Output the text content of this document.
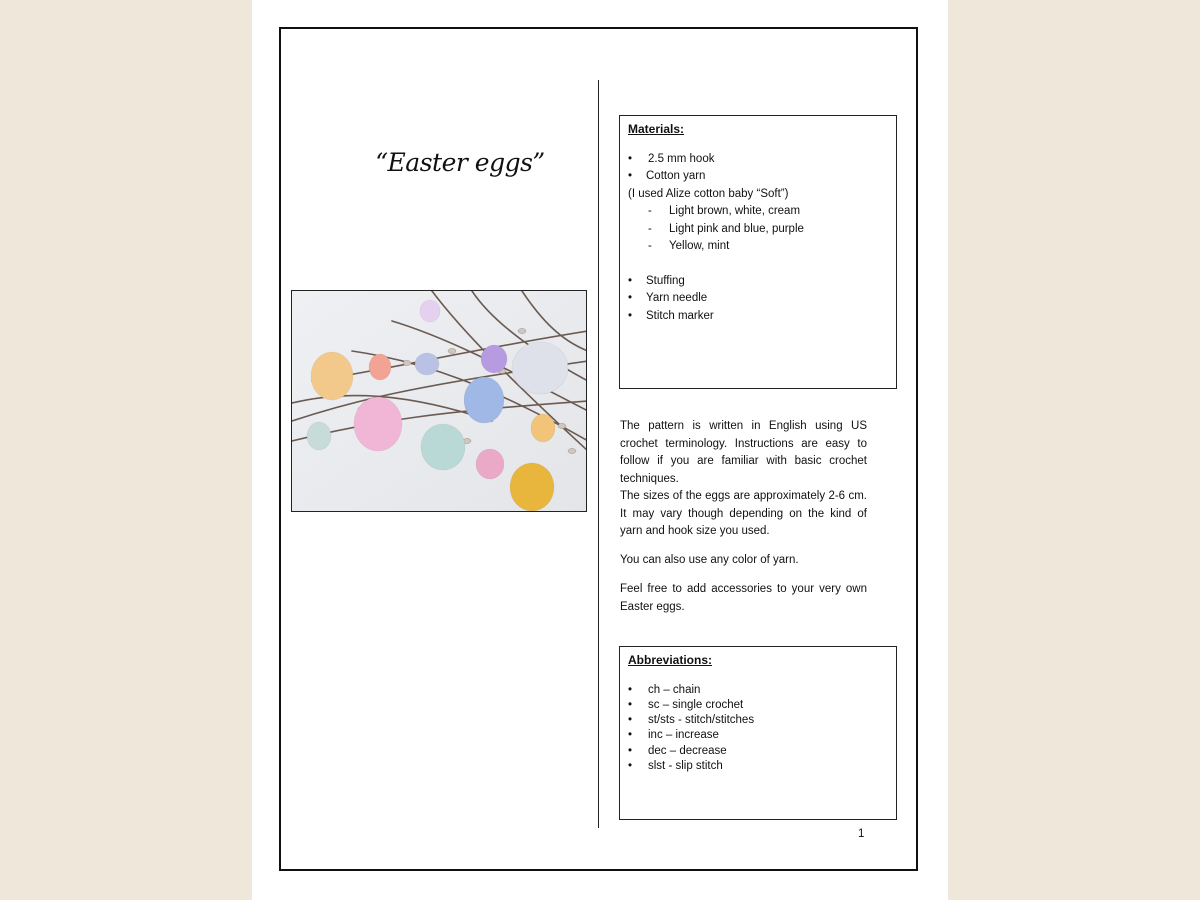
“Easter eggs”
Materials:
• 2.5 mm hook
• Cotton yarn
(I used Alize cotton baby “Soft”)
- Light brown, white, cream
- Light pink and blue, purple
- Yellow, mint
• Stuffing
• Yarn needle
• Stitch marker
The pattern is written in English using US crochet terminology. Instructions are easy to follow if you are familiar with basic crochet techniques.
The sizes of the eggs are approximately 2-6 cm. It may vary though depending on the kind of yarn and hook size you used.
You can also use any color of yarn.
Feel free to add accessories to your very own Easter eggs.
Abbreviations:
• ch – chain
• sc – single crochet
• st/sts - stitch/stitches
• inc – increase
• dec – decrease
• slst - slip stitch
1
